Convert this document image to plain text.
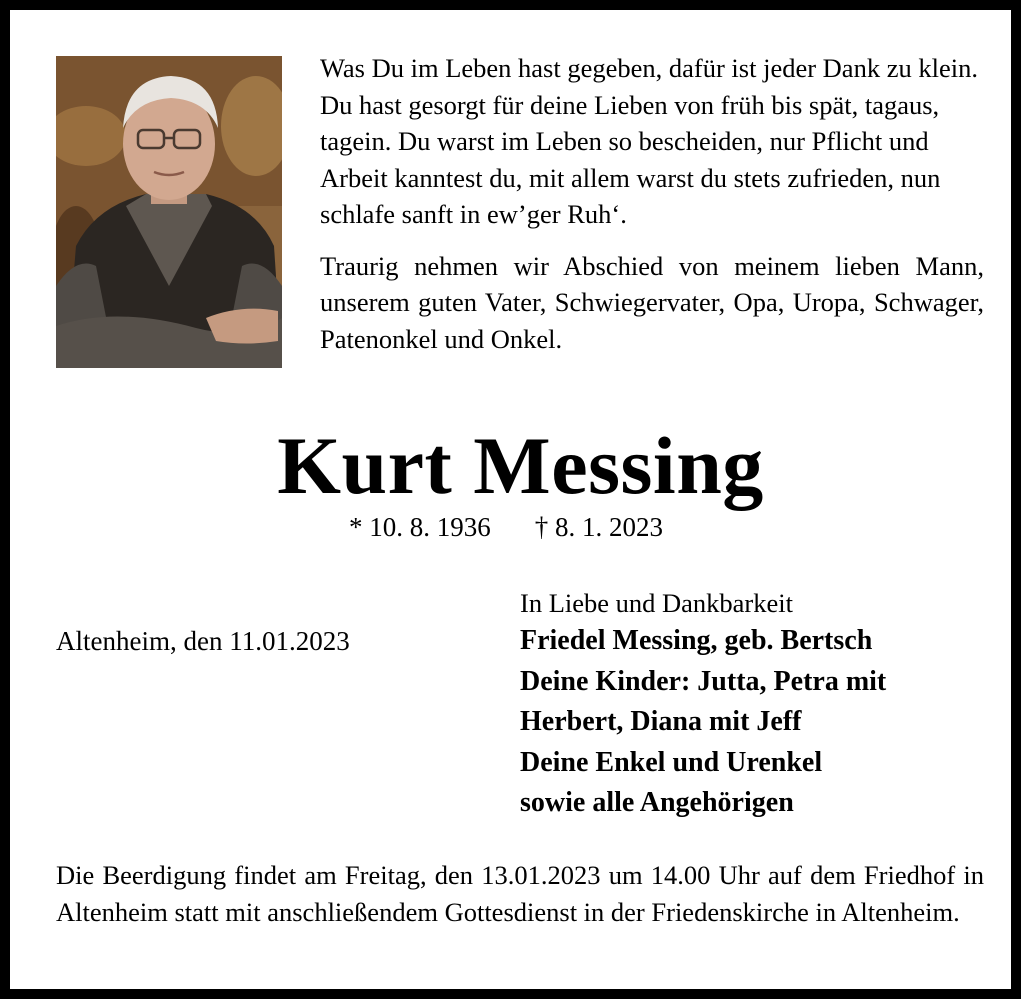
Was Du im Leben hast gegeben, dafür ist jeder Dank zu klein. Du hast gesorgt für deine Lieben von früh bis spät, tagaus, tagein. Du warst im Leben so bescheiden, nur Pflicht und Arbeit kanntest du, mit allem warst du stets zufrieden, nun schlafe sanft in ew’ger Ruh‘.

Traurig nehmen wir Abschied von meinem lieben Mann, unserem guten Vater, Schwiegervater, Opa, Uropa, Schwager, Patenonkel und Onkel.

Kurt Messing
* 10. 8. 1936 † 8. 1. 2023
Altenheim, den 11.01.2023
In Liebe und Dankbarkeit
Friedel Messing, geb. Bertsch
Deine Kinder: Jutta, Petra mit
Herbert, Diana mit Jeff
Deine Enkel und Urenkel
sowie alle Angehörigen
Die Beerdigung findet am Freitag, den 13.01.2023 um 14.00 Uhr auf dem Friedhof in Altenheim statt mit anschließendem Gottesdienst in der Friedenskirche in Altenheim.
